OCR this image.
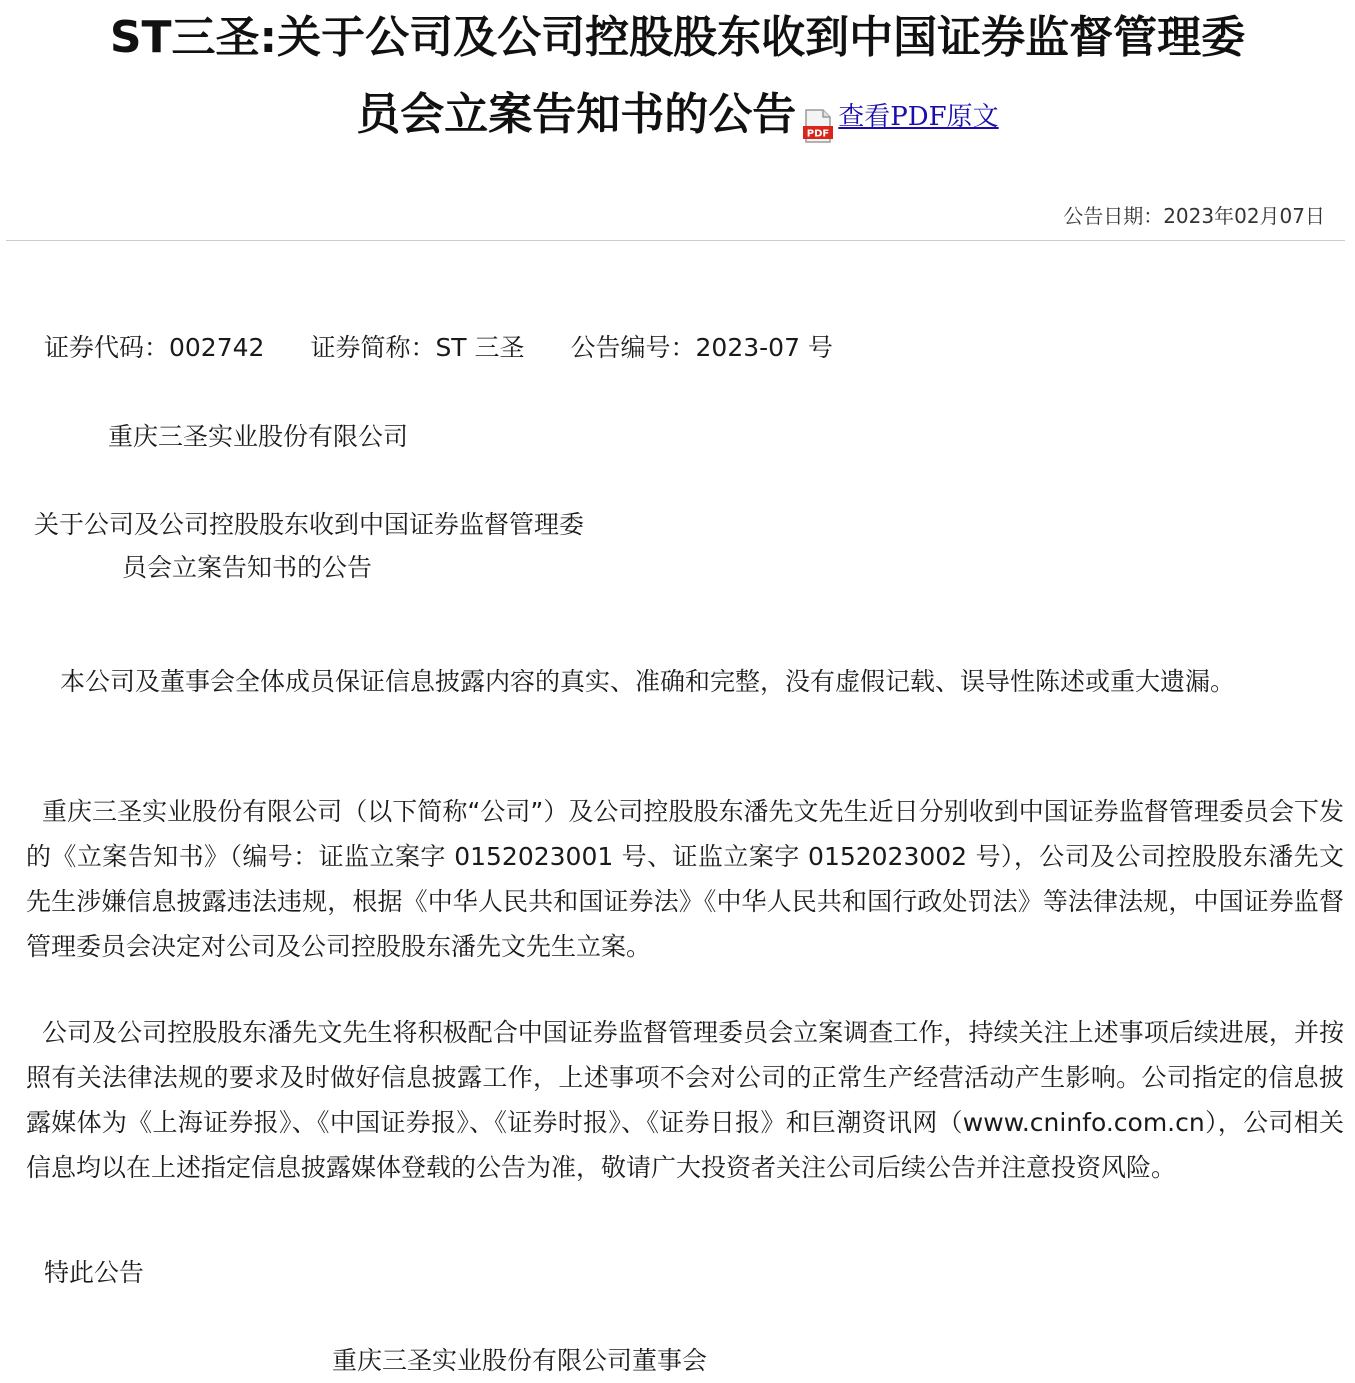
ST三圣:关于公司及公司控股股东收到中国证券监督管理委
员会立案告知书的公告 PDF
查看PDF原文
公告日期：2023年02月07日
证券代码：002742 证券简称：ST 三圣 公告编号：2023-07 号
重庆三圣实业股份有限公司
关于公司及公司控股股东收到中国证券监督管理委
员会立案告知书的公告

本公司及董事会全体成员保证信息披露内容的真实、准确和完整，没有虚假记载、误导性陈述或重大遗漏。

重庆三圣实业股份有限公司（以下简称“公司”）及公司控股股东潘先文先生近日分别收到中国证券监督管理委员会下发的《立案告知书》（编号：证监立案字 0152023001 号、证监立案字 0152023002 号），公司及公司控股股东潘先文先生涉嫌信息披露违法违规，根据《中华人民共和国证券法》《中华人民共和国行政处罚法》等法律法规，中国证券监督管理委员会决定对公司及公司控股股东潘先文先生立案。

公司及公司控股股东潘先文先生将积极配合中国证券监督管理委员会立案调查工作，持续关注上述事项后续进展，并按照有关法律法规的要求及时做好信息披露工作，上述事项不会对公司的正常生产经营活动产生影响。公司指定的信息披露媒体为《上海证券报》、《中国证券报》、《证券时报》、《证券日报》和巨潮资讯网（www.cninfo.com.cn），公司相关信息均以在上述指定信息披露媒体登载的公告为准，敬请广大投资者关注公司后续公告并注意投资风险。

特此公告
重庆三圣实业股份有限公司董事会
